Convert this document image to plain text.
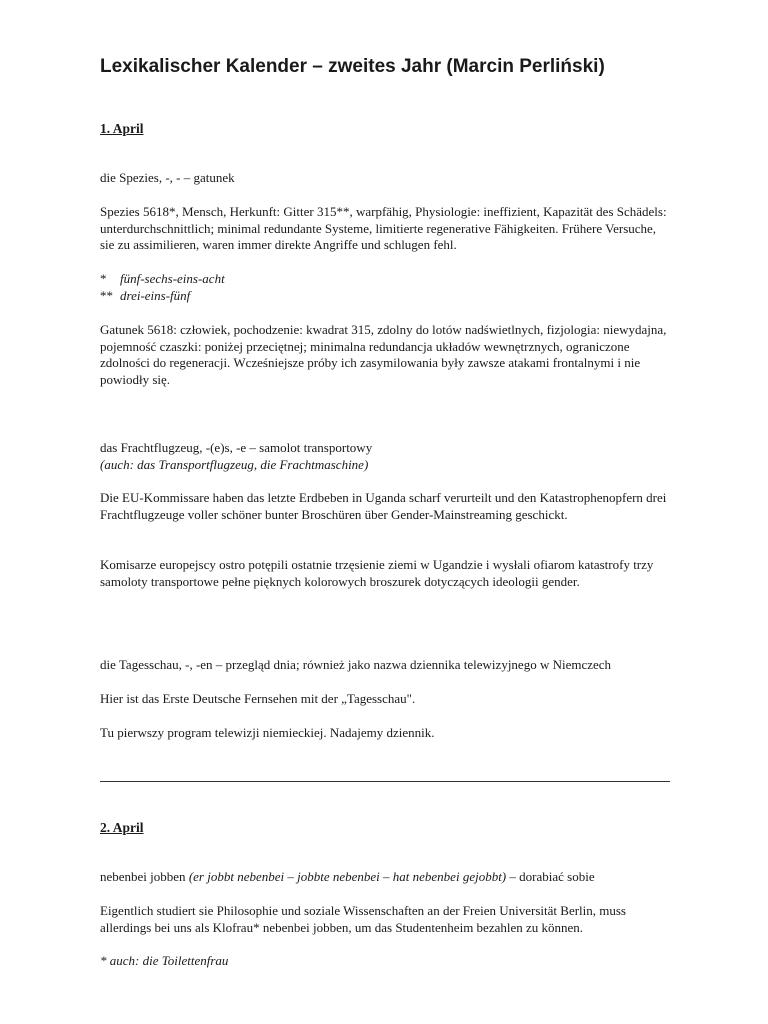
Lexikalischer Kalender – zweites Jahr (Marcin Perliński)
1. April
die Spezies, -, - – gatunek
Spezies 5618*, Mensch, Herkunft: Gitter 315**, warpfähig, Physiologie: ineffizient, Kapazität des Schädels: unterdurchschnittlich; minimal redundante Systeme, limitierte regenerative Fähigkeiten. Frühere Versuche, sie zu assimilieren, waren immer direkte Angriffe und schlugen fehl.
* fünf-sechs-eins-acht
** drei-eins-fünf
Gatunek 5618: człowiek, pochodzenie: kwadrat 315, zdolny do lotów nadświetlnych, fizjologia: niewydajna, pojemność czaszki: poniżej przeciętnej; minimalna redundancja układów wewnętrznych, ograniczone zdolności do regeneracji. Wcześniejsze próby ich zasymilowania były zawsze atakami frontalnymi i nie powiodły się.
das Frachtflugzeug, -(e)s, -e – samolot transportowy
(auch: das Transportflugzeug, die Frachtmaschine)
Die EU-Kommissare haben das letzte Erdbeben in Uganda scharf verurteilt und den Katastrophenopfern drei Frachtflugzeuge voller schöner bunter Broschüren über Gender-Mainstreaming geschickt.
Komisarze europejscy ostro potępili ostatnie trzęsienie ziemi w Ugandzie i wysłali ofiarom katastrofy trzy samoloty transportowe pełne pięknych kolorowych broszurek dotyczących ideologii gender.
die Tagesschau, -, -en – przegląd dnia; również jako nazwa dziennika telewizyjnego w Niemczech
Hier ist das Erste Deutsche Fernsehen mit der „Tagesschau".
Tu pierwszy program telewizji niemieckiej. Nadajemy dziennik.
2. April
nebenbei jobben (er jobbt nebenbei – jobbte nebenbei – hat nebenbei gejobbt) – dorabiać sobie
Eigentlich studiert sie Philosophie und soziale Wissenschaften an der Freien Universität Berlin, muss allerdings bei uns als Klofrau* nebenbei jobben, um das Studentenheim bezahlen zu können.
* auch: die Toilettenfrau
